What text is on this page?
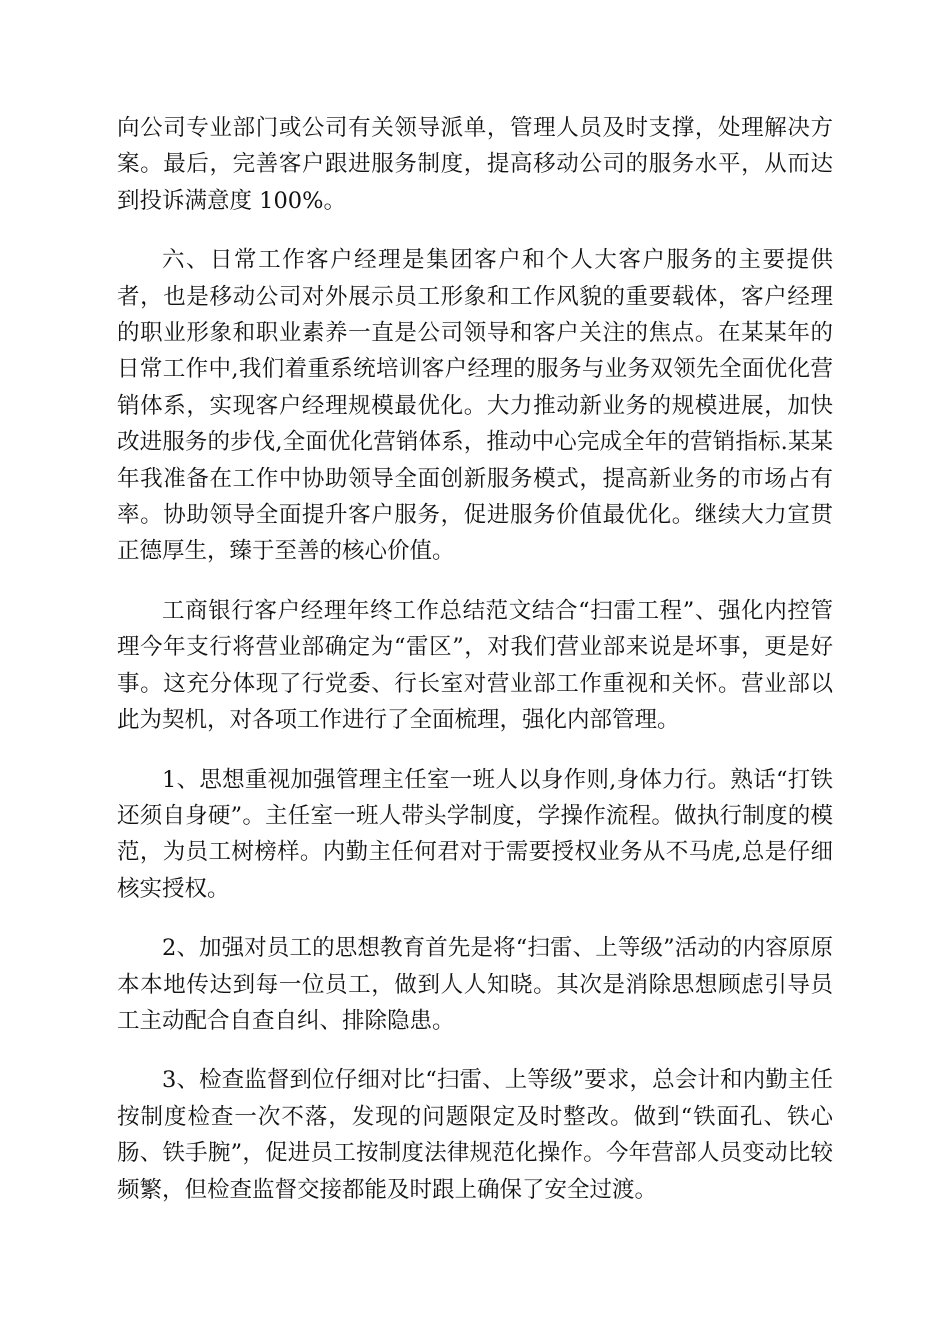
向公司专业部门或公司有关领导派单，管理人员及时支撑，处理解决方案。最后，完善客户跟进服务制度，提高移动公司的服务水平，从而达到投诉满意度 100%。

六、日常工作客户经理是集团客户和个人大客户服务的主要提供者，也是移动公司对外展示员工形象和工作风貌的重要载体，客户经理的职业形象和职业素养一直是公司领导和客户关注的焦点。在某某年的日常工作中,我们着重系统培训客户经理的服务与业务双领先全面优化营销体系，实现客户经理规模最优化。大力推动新业务的规模进展，加快改进服务的步伐,全面优化营销体系，推动中心完成全年的营销指标.某某年我准备在工作中协助领导全面创新服务模式，提高新业务的市场占有率。协助领导全面提升客户服务，促进服务价值最优化。继续大力宣贯正德厚生，臻于至善的核心价值。

工商银行客户经理年终工作总结范文结合“扫雷工程”、强化内控管理今年支行将营业部确定为“雷区”，对我们营业部来说是坏事，更是好事。这充分体现了行党委、行长室对营业部工作重视和关怀。营业部以此为契机，对各项工作进行了全面梳理，强化内部管理。

1、思想重视加强管理主任室一班人以身作则,身体力行。熟话“打铁还须自身硬”。主任室一班人带头学制度，学操作流程。做执行制度的模范，为员工树榜样。内勤主任何君对于需要授权业务从不马虎,总是仔细核实授权。

2、加强对员工的思想教育首先是将“扫雷、上等级”活动的内容原原本本地传达到每一位员工，做到人人知晓。其次是消除思想顾虑引导员工主动配合自查自纠、排除隐患。

3、检查监督到位仔细对比“扫雷、上等级”要求，总会计和内勤主任按制度检查一次不落，发现的问题限定及时整改。做到“铁面孔、铁心肠、铁手腕”，促进员工按制度法律规范化操作。今年营部人员变动比较频繁，但检查监督交接都能及时跟上确保了安全过渡。
